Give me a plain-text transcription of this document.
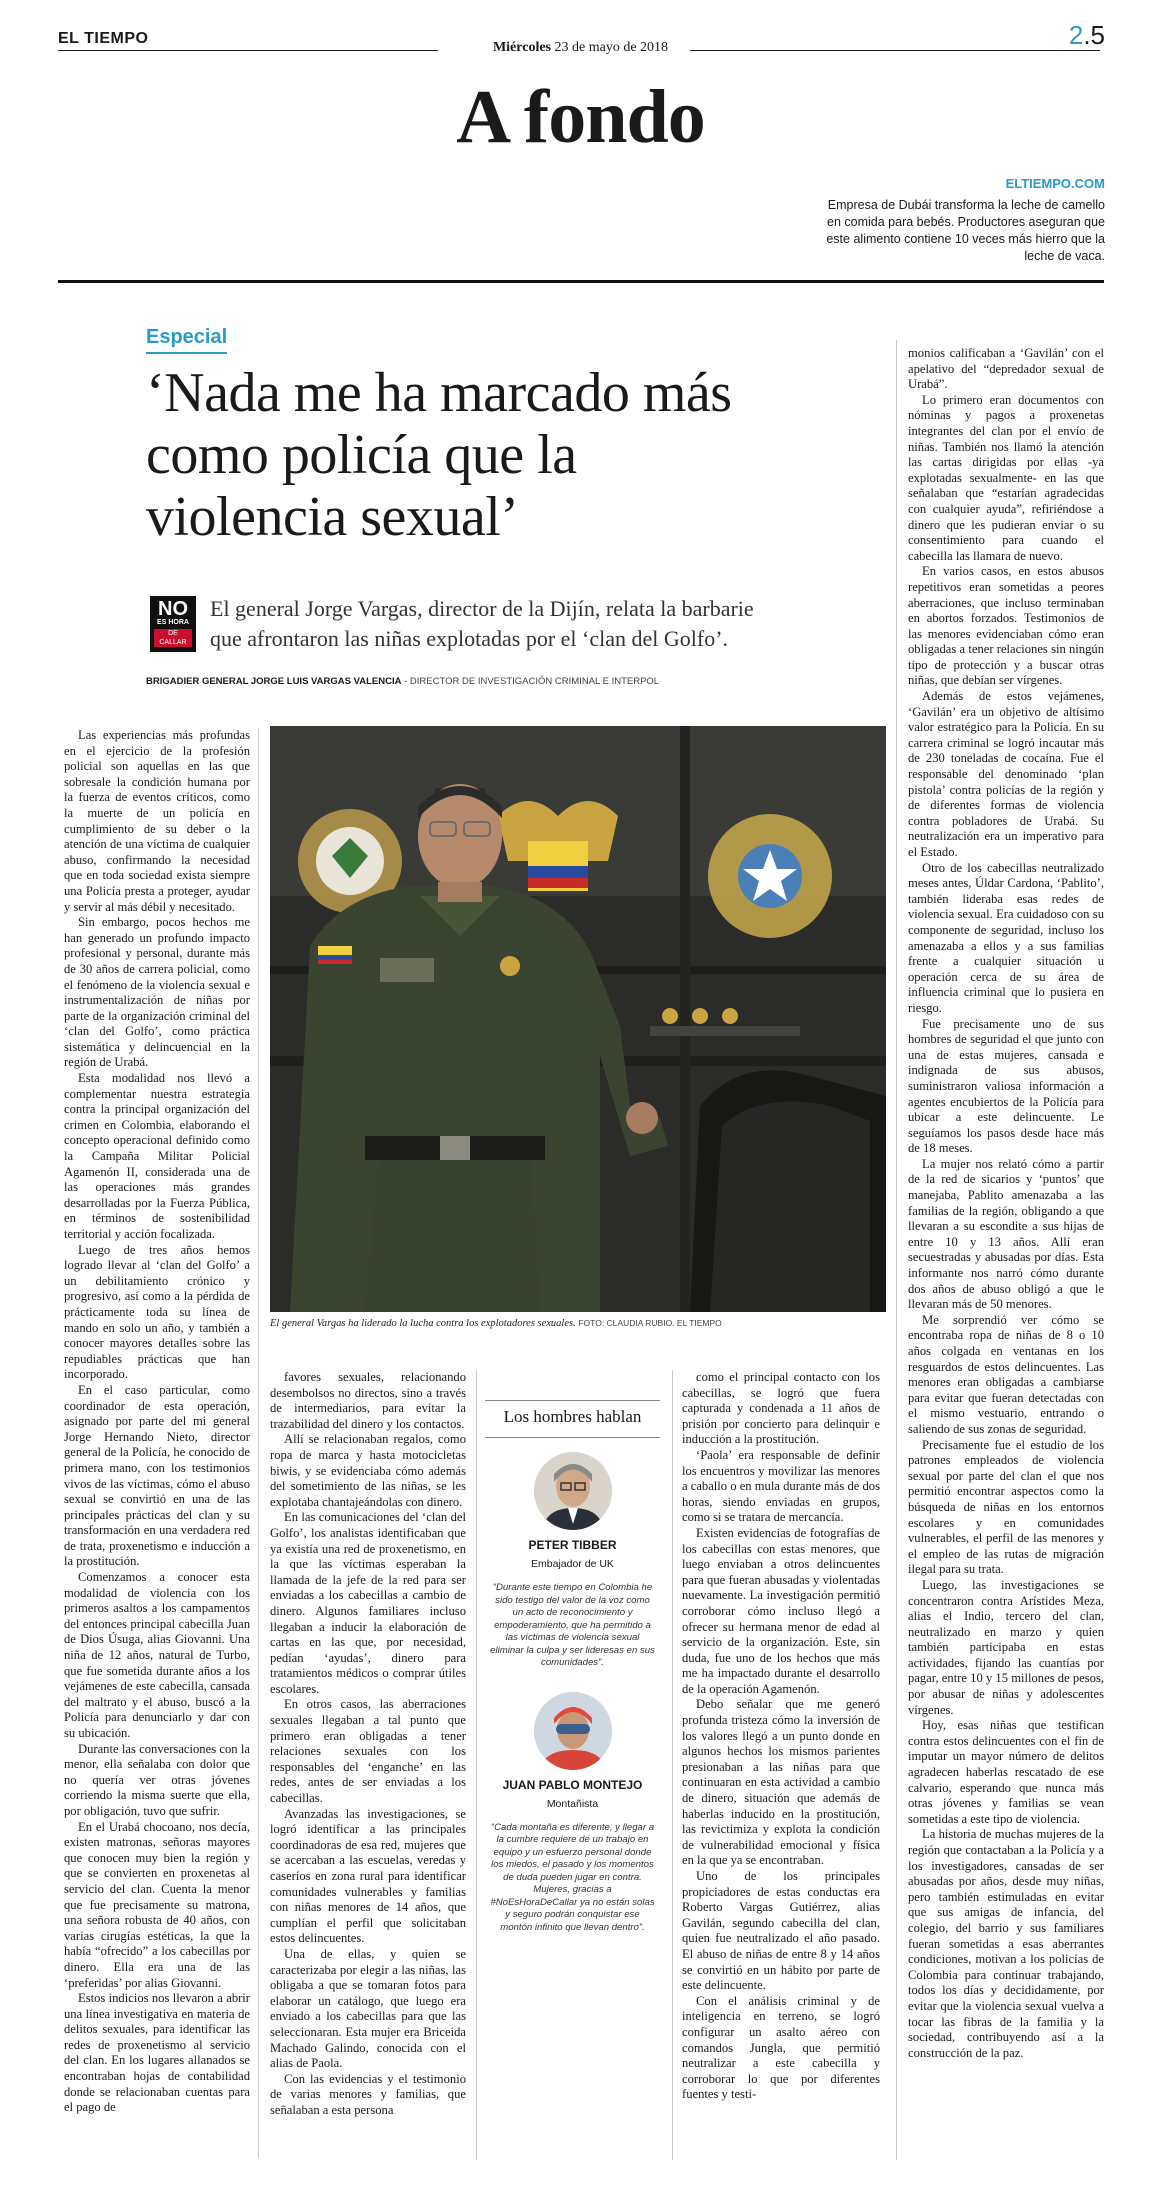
EL TIEMPO
Miércoles 23 de mayo de 2018	2.5
A fondo
ELTIEMPO.COM
Empresa de Dubái transforma la leche de camello en comida para bebés. Productores aseguran que este alimento contiene 10 veces más hierro que la leche de vaca.
Especial
‘Nada me ha marcado más como policía que la violencia sexual’
NO
ES HORA
DE CALLAR
El general Jorge Vargas, director de la Dijín, relata la barbarie que afrontaron las niñas explotadas por el ‘clan del Golfo’.
BRIGADIER GENERAL JORGE LUIS VARGAS VALENCIA - DIRECTOR DE INVESTIGACIÓN CRIMINAL E INTERPOL

Las experiencias más profundas en el ejercicio de la profesión policial son aquellas en las que sobresale la condición humana por la fuerza de eventos críticos, como la muerte de un policía en cumplimiento de su deber o la atención de una víctima de cualquier abuso, confirmando la necesidad que en toda sociedad exista siempre una Policía presta a proteger, ayudar y servir al más débil y necesitado.

Sin embargo, pocos hechos me han generado un profundo impacto profesional y personal, durante más de 30 años de carrera policial, como el fenómeno de la violencia sexual e instrumentalización de niñas por parte de la organización criminal del ‘clan del Golfo’, como práctica sistemática y delincuencial en la región de Urabá.

Esta modalidad nos llevó a complementar nuestra estrategia contra la principal organización del crimen en Colombia, elaborando el concepto operacional definido como la Campaña Militar Policial Agamenón II, considerada una de las operaciones más grandes desarrolladas por la Fuerza Pública, en términos de sostenibilidad territorial y acción focalizada.

Luego de tres años hemos logrado llevar al ‘clan del Golfo’ a un debilitamiento crónico y progresivo, así como a la pérdida de prácticamente toda su línea de mando en solo un año, y también a conocer mayores detalles sobre las repudiables prácticas que han incorporado.

En el caso particular, como coordinador de esta operación, asignado por parte del mi general Jorge Hernando Nieto, director general de la Policía, he conocido de primera mano, con los testimonios vivos de las víctimas, cómo el abuso sexual se convirtió en una de las principales prácticas del clan y su transformación en una verdadera red de trata, proxenetismo e inducción a la prostitución.

Comenzamos a conocer esta modalidad de violencia con los primeros asaltos a los campamentos del entonces principal cabecilla Juan de Dios Úsuga, alias Giovanni. Una niña de 12 años, natural de Turbo, que fue sometida durante años a los vejámenes de este cabecilla, cansada del maltrato y el abuso, buscó a la Policía para denunciarlo y dar con su ubicación.

Durante las conversaciones con la menor, ella señalaba con dolor que no quería ver otras jóvenes corriendo la misma suerte que ella, por obligación, tuvo que sufrir.

En el Urabá chocoano, nos decía, existen matronas, señoras mayores que conocen muy bien la región y que se convierten en proxenetas al servicio del clan. Cuenta la menor que fue precisamente su matrona, una señora robusta de 40 años, con varias cirugías estéticas, la que la había “ofrecido” a los cabecillas por dinero. Ella era una de las ‘preferidas’ por alias Giovanni.

Estos indicios nos llevaron a abrir una línea investigativa en materia de delitos sexuales, para identificar las redes de proxenetismo al servicio del clan. En los lugares allanados se encontraban hojas de contabilidad donde se relacionaban cuentas para el pago de

El general Vargas ha liderado la lucha contra los explotadores sexuales. FOTO: CLAUDIA RUBIO. EL TIEMPO

favores sexuales, relacionando desembolsos no directos, sino a través de intermediarios, para evitar la trazabilidad del dinero y los contactos.

Allí se relacionaban regalos, como ropa de marca y hasta motocicletas biwis, y se evidenciaba cómo además del sometimiento de las niñas, se les explotaba chantajeándolas con dinero.

En las comunicaciones del ‘clan del Golfo’, los analistas identificaban que ya existía una red de proxenetismo, en la que las víctimas esperaban la llamada de la jefe de la red para ser enviadas a los cabecillas a cambio de dinero. Algunos familiares incluso llegaban a inducir la elaboración de cartas en las que, por necesidad, pedían ‘ayudas’, dinero para tratamientos médicos o comprar útiles escolares.

En otros casos, las aberraciones sexuales llegaban a tal punto que primero eran obligadas a tener relaciones sexuales con los responsables del ‘enganche’ en las redes, antes de ser enviadas a los cabecillas.

Avanzadas las investigaciones, se logró identificar a las principales coordinadoras de esa red, mujeres que se acercaban a las escuelas, veredas y caseríos en zona rural para identificar comunidades vulnerables y familias con niñas menores de 14 años, que cumplían el perfil que solicitaban estos delincuentes.

Una de ellas, y quien se caracterizaba por elegir a las niñas, las obligaba a que se tomaran fotos para elaborar un catálogo, que luego era enviado a los cabecillas para que las seleccionaran. Esta mujer era Briceida Machado Galindo, conocida con el alias de Paola.

Con las evidencias y el testimonio de varias menores y familias, que señalaban a esta persona

Los hombres hablan
PETER TIBBER
Embajador de UK
“Durante este tiempo en Colombia he sido testigo del valor de la voz como un acto de reconocimiento y empoderamiento, que ha permitido a las víctimas de violencia sexual eliminar la culpa y ser lideresas en sus comunidades”.
JUAN PABLO MONTEJO
Montañista
“Cada montaña es diferente, y llegar a la cumbre requiere de un trabajo en equipo y un esfuerzo personal donde los miedos, el pasado y los momentos de duda pueden jugar en contra. Mujeres, gracias a #NoEsHoraDeCallar ya no están solas y seguro podrán conquistar ese montón infinito que llevan dentro”.

como el principal contacto con los cabecillas, se logró que fuera capturada y condenada a 11 años de prisión por concierto para delinquir e inducción a la prostitución.

‘Paola’ era responsable de definir los encuentros y movilizar las menores a caballo o en mula durante más de dos horas, siendo enviadas en grupos, como si se tratara de mercancía.

Existen evidencias de fotografías de los cabecillas con estas menores, que luego enviaban a otros delincuentes para que fueran abusadas y violentadas nuevamente. La investigación permitió corroborar cómo incluso llegó a ofrecer su hermana menor de edad al servicio de la organización. Este, sin duda, fue uno de los hechos que más me ha impactado durante el desarrollo de la operación Agamenón.

Debo señalar que me generó profunda tristeza cómo la inversión de los valores llegó a un punto donde en algunos hechos los mismos parientes presionaban a las niñas para que continuaran en esta actividad a cambio de dinero, situación que además de haberlas inducido en la prostitución, las revictimiza y explota la condición de vulnerabilidad emocional y física en la que ya se encontraban.

Uno de los principales propiciadores de estas conductas era Roberto Vargas Gutiérrez, alias Gavilán, segundo cabecilla del clan, quien fue neutralizado el año pasado. El abuso de niñas de entre 8 y 14 años se convirtió en un hábito por parte de este delincuente.

Con el análisis criminal y de inteligencia en terreno, se logró configurar un asalto aéreo con comandos Jungla, que permitió neutralizar a este cabecilla y corroborar lo que por diferentes fuentes y testi-

monios calificaban a ‘Gavilán’ con el apelativo del “depredador sexual de Urabá”.

Lo primero eran documentos con nóminas y pagos a proxenetas integrantes del clan por el envío de niñas. También nos llamó la atención las cartas dirigidas por ellas -ya explotadas sexualmente- en las que señalaban que “estarían agradecidas con cualquier ayuda”, refiriéndose a dinero que les pudieran enviar o su consentimiento para cuando el cabecilla las llamara de nuevo.

En varios casos, en estos abusos repetitivos eran sometidas a peores aberraciones, que incluso terminaban en abortos forzados. Testimonios de las menores evidenciaban cómo eran obligadas a tener relaciones sin ningún tipo de protección y a buscar otras niñas, que debían ser vírgenes.

Además de estos vejámenes, ‘Gavilán’ era un objetivo de altísimo valor estratégico para la Policía. En su carrera criminal se logró incautar más de 230 toneladas de cocaína. Fue el responsable del denominado ‘plan pistola’ contra policías de la región y de diferentes formas de violencia contra pobladores de Urabá. Su neutralización era un imperativo para el Estado.

Otro de los cabecillas neutralizado meses antes, Úldar Cardona, ‘Pablito’, también lideraba esas redes de violencia sexual. Era cuidadoso con su componente de seguridad, incluso los amenazaba a ellos y a sus familias frente a cualquier situación u operación cerca de su área de influencia criminal que lo pusiera en riesgo.

Fue precisamente uno de sus hombres de seguridad el que junto con una de estas mujeres, cansada e indignada de sus abusos, suministraron valiosa información a agentes encubiertos de la Policía para ubicar a este delincuente. Le seguíamos los pasos desde hace más de 18 meses.

La mujer nos relató cómo a partir de la red de sicarios y ‘puntos’ que manejaba, Pablito amenazaba a las familias de la región, obligando a que llevaran a su escondite a sus hijas de entre 10 y 13 años. Allí eran secuestradas y abusadas por días. Esta informante nos narró cómo durante dos años de abuso obligó a que le llevaran más de 50 menores.

Me sorprendió ver cómo se encontraba ropa de niñas de 8 o 10 años colgada en ventanas en los resguardos de estos delincuentes. Las menores eran obligadas a cambiarse para evitar que fueran detectadas con el mismo vestuario, entrando o saliendo de sus zonas de seguridad.

Precisamente fue el estudio de los patrones empleados de violencia sexual por parte del clan el que nos permitió encontrar aspectos como la búsqueda de niñas en los entornos escolares y en comunidades vulnerables, el perfil de las menores y el empleo de las rutas de migración ilegal para su trata.

Luego, las investigaciones se concentraron contra Arístides Meza, alias el Indio, tercero del clan, neutralizado en marzo y quien también participaba en estas actividades, fijando las cuantías por pagar, entre 10 y 15 millones de pesos, por abusar de niñas y adolescentes vírgenes.

Hoy, esas niñas que testifican contra estos delincuentes con el fin de imputar un mayor número de delitos agradecen haberlas rescatado de ese calvario, esperando que nunca más otras jóvenes y familias se vean sometidas a este tipo de violencia.

La historia de muchas mujeres de la región que contactaban a la Policía y a los investigadores, cansadas de ser abusadas por años, desde muy niñas, pero también estimuladas en evitar que sus amigas de infancia, del colegio, del barrio y sus familiares fueran sometidas a esas aberrantes condiciones, motivan a los policías de Colombia para continuar trabajando, todos los días y decididamente, por evitar que la violencia sexual vuelva a tocar las fibras de la familia y la sociedad, contribuyendo así a la construcción de la paz.
